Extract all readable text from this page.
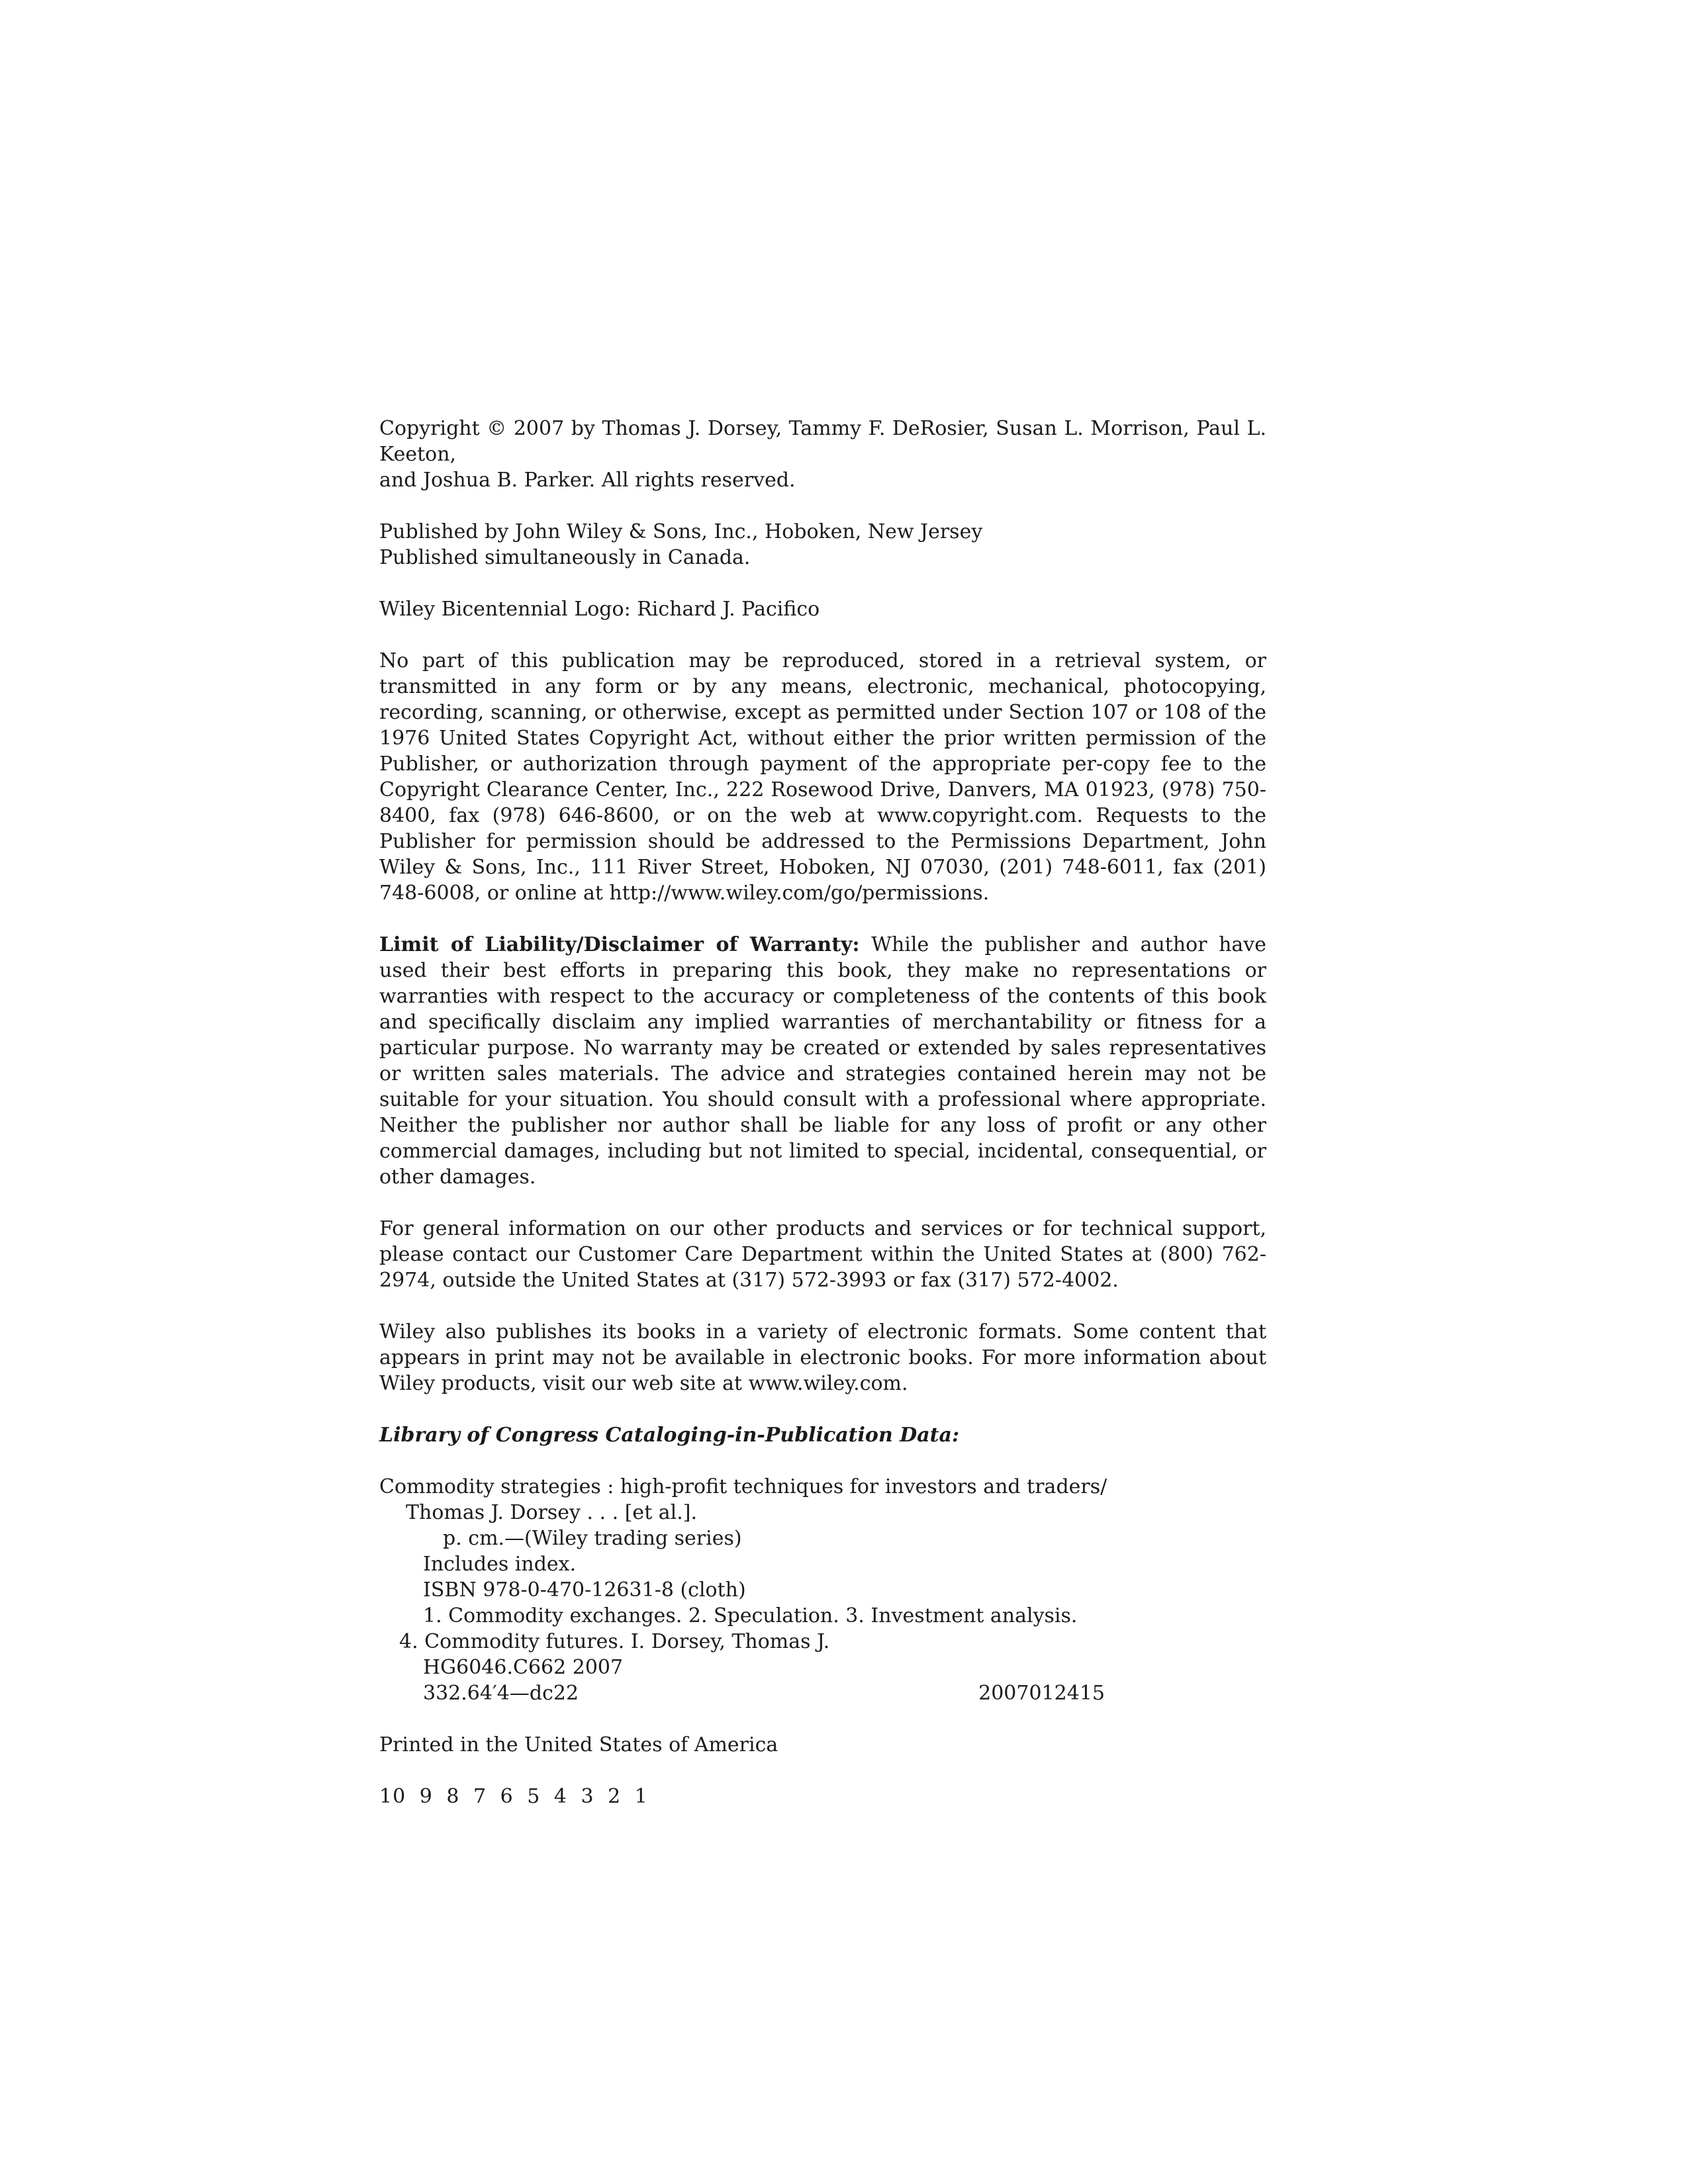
Copyright © 2007 by Thomas J. Dorsey, Tammy F. DeRosier, Susan L. Morrison, Paul L. Keeton,
and Joshua B. Parker. All rights reserved.

Published by John Wiley & Sons, Inc., Hoboken, New Jersey
Published simultaneously in Canada.

Wiley Bicentennial Logo: Richard J. Pacifico

No part of this publication may be reproduced, stored in a retrieval system, or transmitted in any form or by any means, electronic, mechanical, photocopying, recording, scanning, or otherwise, except as permitted under Section 107 or 108 of the 1976 United States Copyright Act, without either the prior written permission of the Publisher, or authorization through payment of the appropriate per-copy fee to the Copyright Clearance Center, Inc., 222 Rosewood Drive, Danvers, MA 01923, (978) 750-8400, fax (978) 646-8600, or on the web at www.copyright.com. Requests to the Publisher for permission should be addressed to the Permissions Department, John Wiley & Sons, Inc., 111 River Street, Hoboken, NJ 07030, (201) 748-6011, fax (201) 748-6008, or online at http://www.wiley.com/go/permissions.

Limit of Liability/Disclaimer of Warranty: While the publisher and author have used their best efforts in preparing this book, they make no representations or warranties with respect to the accuracy or completeness of the contents of this book and specifically disclaim any implied warranties of merchantability or fitness for a particular purpose. No warranty may be created or extended by sales representatives or written sales materials. The advice and strategies contained herein may not be suitable for your situation. You should consult with a professional where appropriate. Neither the publisher nor author shall be liable for any loss of profit or any other commercial damages, including but not limited to special, incidental, consequential, or other damages.

For general information on our other products and services or for technical support, please contact our Customer Care Department within the United States at (800) 762-2974, outside the United States at (317) 572-3993 or fax (317) 572-4002.

Wiley also publishes its books in a variety of electronic formats. Some content that appears in print may not be available in electronic books. For more information about Wiley products, visit our web site at www.wiley.com.

Library of Congress Cataloging-in-Publication Data:

Commodity strategies : high-profit techniques for investors and traders/
Thomas J. Dorsey . . . [et al.].
p. cm.—(Wiley trading series)
Includes index.
ISBN 978-0-470-12631-8 (cloth)
1. Commodity exchanges. 2. Speculation. 3. Investment analysis.
4. Commodity futures. I. Dorsey, Thomas J.
HG6046.C662 2007
332.64′4—dc22	2007012415

Printed in the United States of America

10 9 8 7 6 5 4 3 2 1
